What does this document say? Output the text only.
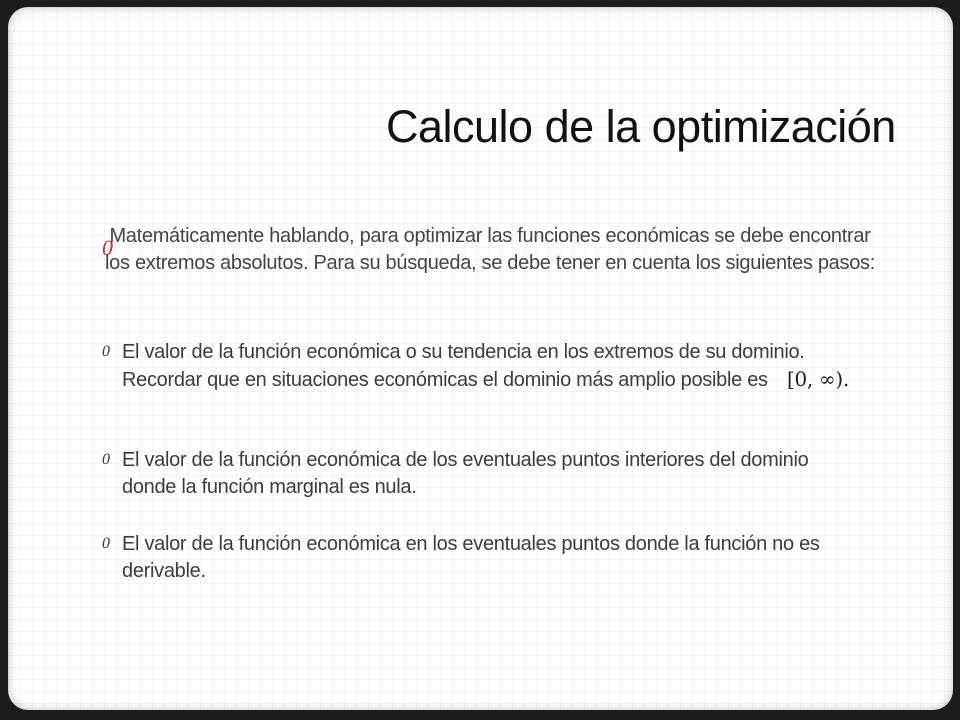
Calculo de la optimización
0
Matemáticamente hablando, para optimizar las funciones económicas se debe encontrar los extremos absolutos. Para su búsqueda, se debe tener en cuenta los siguientes pasos:
0 El valor de la función económica o su tendencia en los extremos de su dominio. Recordar que en situaciones económicas el dominio más amplio posible es [0, ∞).
0 El valor de la función económica de los eventuales puntos interiores del dominio donde la función marginal es nula.
0 El valor de la función económica en los eventuales puntos donde la función no es derivable.
